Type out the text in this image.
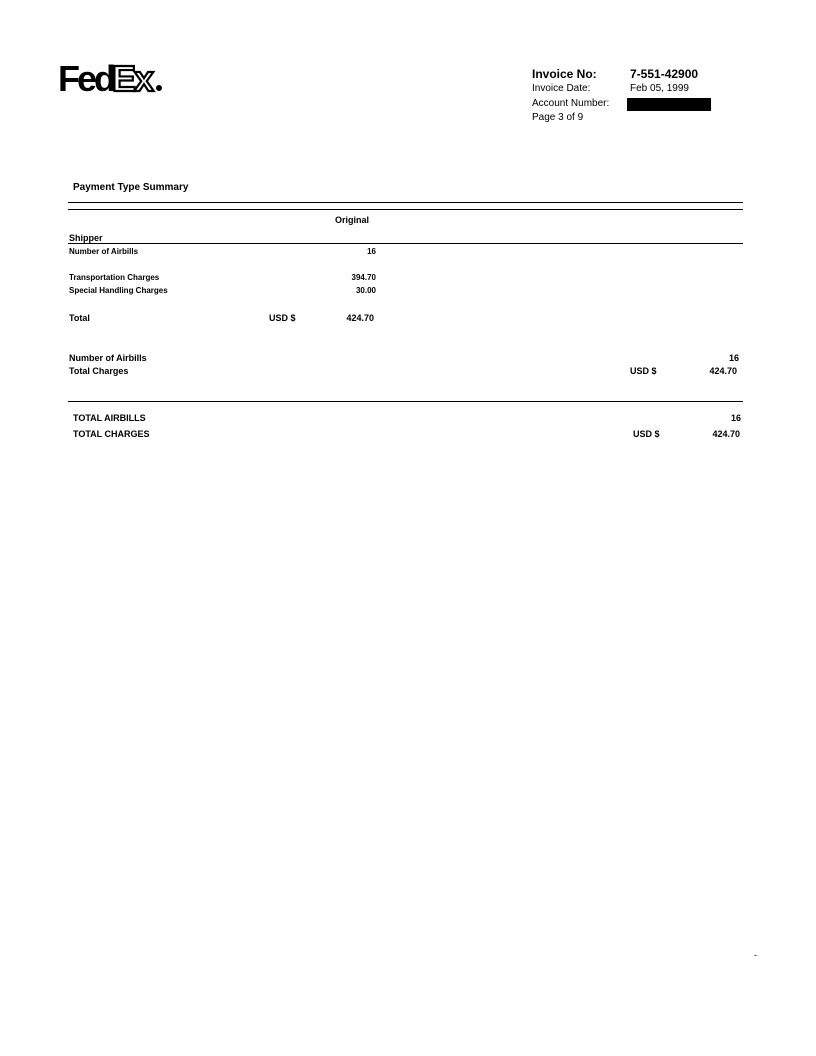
Fed
Ex	Invoice No:	7-551-42900
Invoice Date:	Feb 05, 1999
Account Number:
Page 3 of 9
Payment Type Summary
Original
Shipper
Number of Airbills	16
Transportation Charges	394.70
Special Handling Charges	30.00
Total	USD $	424.70
Number of Airbills	16
Total Charges	USD $	424.70
TOTAL AIRBILLS	16
TOTAL CHARGES	USD $	424.70
-
